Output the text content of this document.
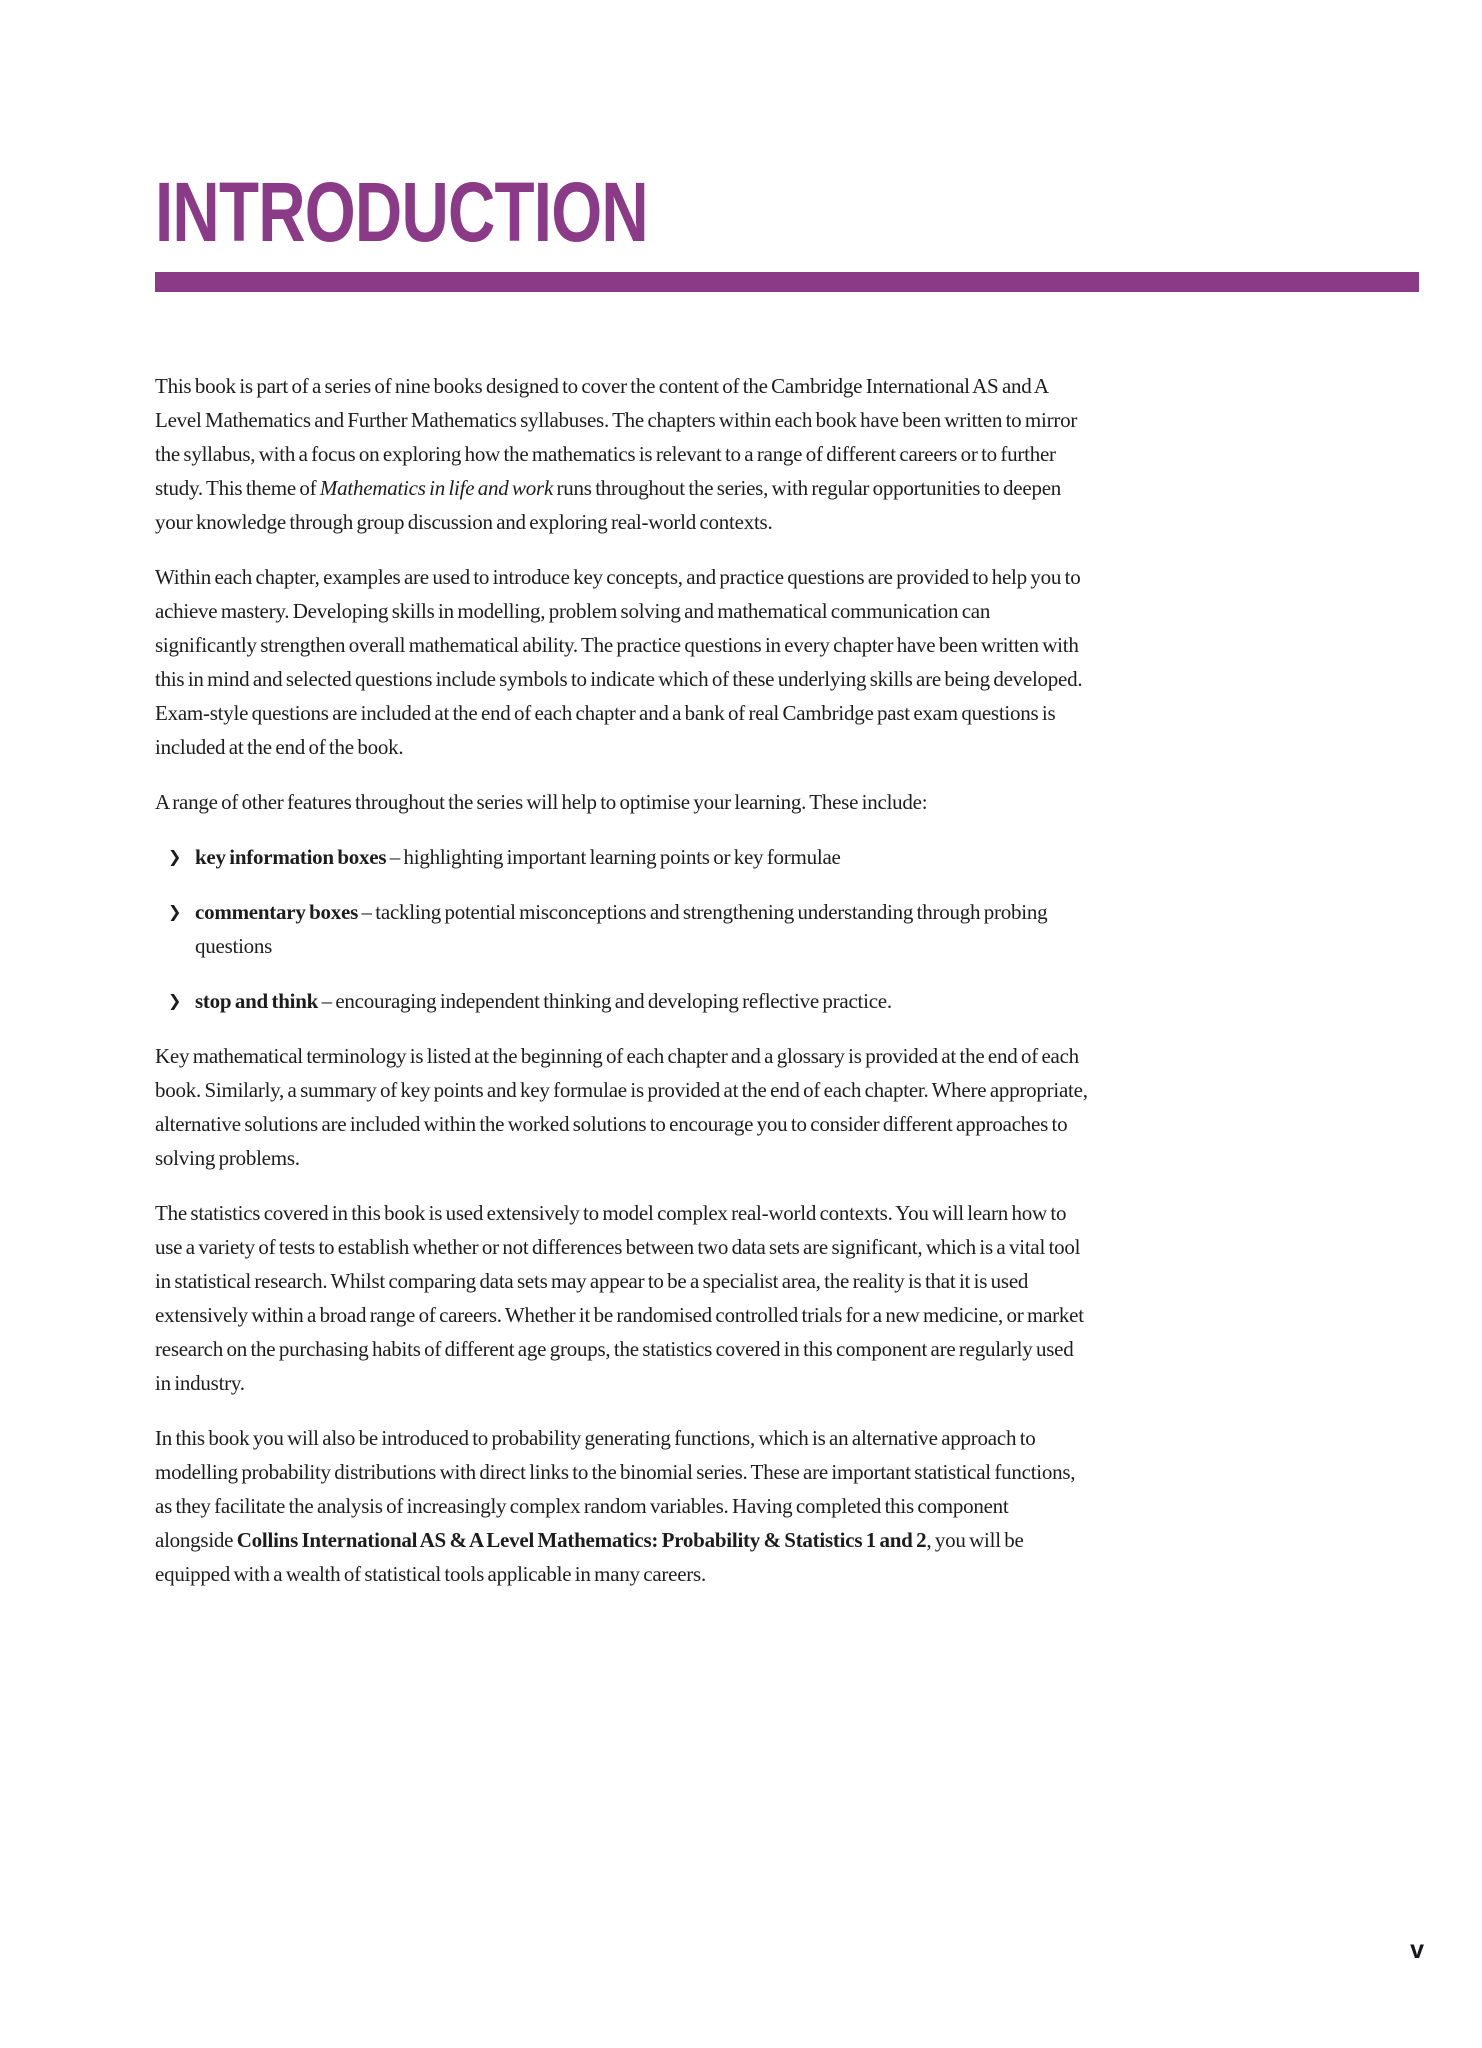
INTRODUCTION

This book is part of a series of nine books designed to cover the content of the Cambridge International AS and A Level Mathematics and Further Mathematics syllabuses. The chapters within each book have been written to mirror the syllabus, with a focus on exploring how the mathematics is relevant to a range of different careers or to further study. This theme of Mathematics in life and work runs throughout the series, with regular opportunities to deepen your knowledge through group discussion and exploring real-world contexts.

Within each chapter, examples are used to introduce key concepts, and practice questions are provided to help you to achieve mastery. Developing skills in modelling, problem solving and mathematical communication can significantly strengthen overall mathematical ability. The practice questions in every chapter have been written with this in mind and selected questions include symbols to indicate which of these underlying skills are being developed. Exam-style questions are included at the end of each chapter and a bank of real Cambridge past exam questions is included at the end of the book.

A range of other features throughout the series will help to optimise your learning. These include:

❯ key information boxes – highlighting important learning points or key formulae
❯ commentary boxes – tackling potential misconceptions and strengthening understanding through probing questions
❯ stop and think – encouraging independent thinking and developing reflective practice.

Key mathematical terminology is listed at the beginning of each chapter and a glossary is provided at the end of each book. Similarly, a summary of key points and key formulae is provided at the end of each chapter. Where appropriate, alternative solutions are included within the worked solutions to encourage you to consider different approaches to solving problems.

The statistics covered in this book is used extensively to model complex real-world contexts. You will learn how to use a variety of tests to establish whether or not differences between two data sets are significant, which is a vital tool in statistical research. Whilst comparing data sets may appear to be a specialist area, the reality is that it is used extensively within a broad range of careers. Whether it be randomised controlled trials for a new medicine, or market research on the purchasing habits of different age groups, the statistics covered in this component are regularly used in industry.

In this book you will also be introduced to probability generating functions, which is an alternative approach to modelling probability distributions with direct links to the binomial series. These are important statistical functions, as they facilitate the analysis of increasingly complex random variables. Having completed this component alongside Collins International AS & A Level Mathematics: Probability & Statistics 1 and 2, you will be equipped with a wealth of statistical tools applicable in many careers.

v
